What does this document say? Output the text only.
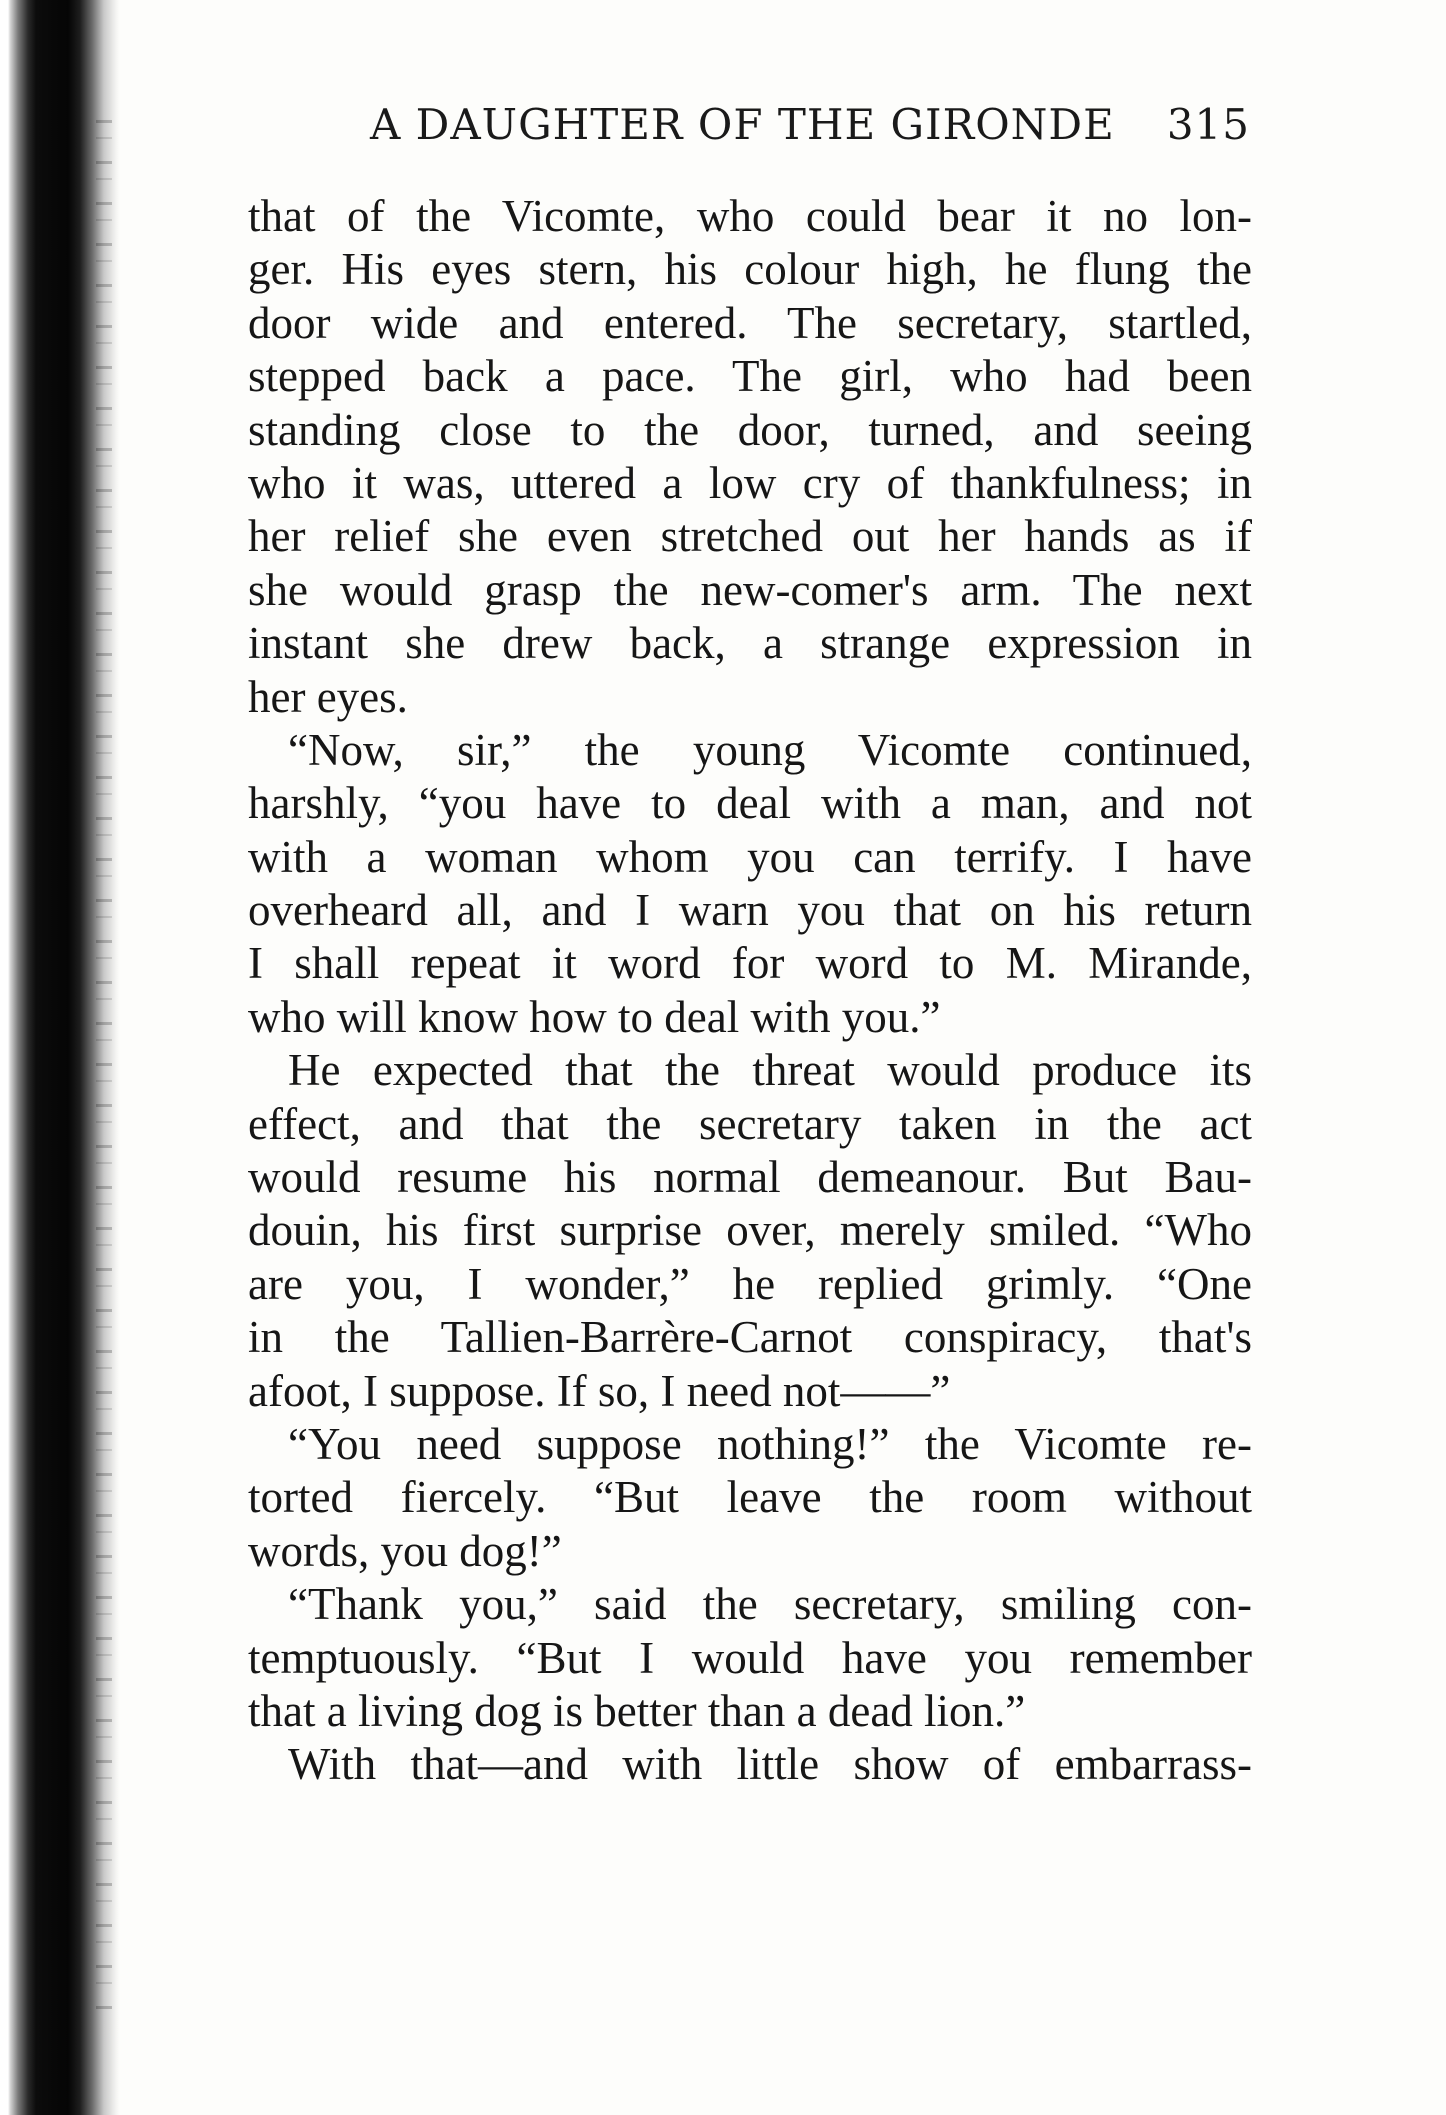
A DAUGHTER OF THE GIRONDE 315
that of the Vicomte, who could bear it no lon-
ger. His eyes stern, his colour high, he flung the
door wide and entered. The secretary, startled,
stepped back a pace. The girl, who had been
standing close to the door, turned, and seeing
who it was, uttered a low cry of thankfulness; in
her relief she even stretched out her hands as if
she would grasp the new-comer's arm. The next
instant she drew back, a strange expression in
her eyes.
“Now, sir,” the young Vicomte continued,
harshly, “you have to deal with a man, and not
with a woman whom you can terrify. I have
overheard all, and I warn you that on his return
I shall repeat it word for word to M. Mirande,
who will know how to deal with you.”
He expected that the threat would produce its
effect, and that the secretary taken in the act
would resume his normal demeanour. But Bau-
douin, his first surprise over, merely smiled. “Who
are you, I wonder,” he replied grimly. “One
in the Tallien-Barrère-Carnot conspiracy, that's
afoot, I suppose. If so, I need not——”
“You need suppose nothing!” the Vicomte re-
torted fiercely. “But leave the room without
words, you dog!”
“Thank you,” said the secretary, smiling con-
temptuously. “But I would have you remember
that a living dog is better than a dead lion.”
With that—and with little show of embarrass-
